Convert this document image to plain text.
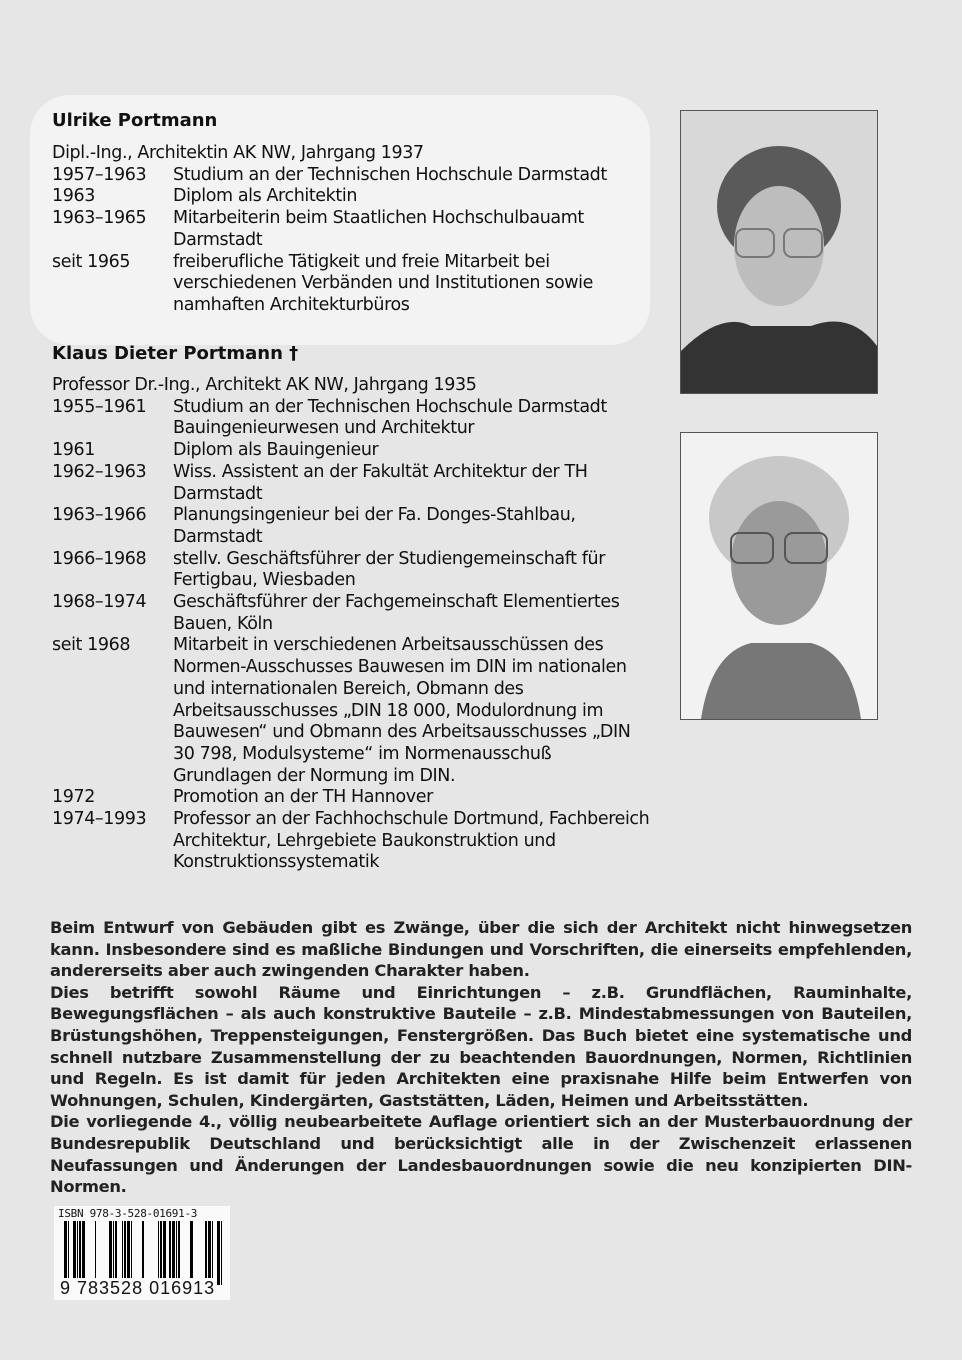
Ulrike Portmann
Dipl.-Ing., Architektin AK NW, Jahrgang 1937
1957–1963	Studium an der Technischen Hochschule Darmstadt
1963	Diplom als Architektin
1963–1965	Mitarbeiterin beim Staatlichen Hochschulbauamt Darmstadt
seit 1965	freiberufliche Tätigkeit und freie Mitarbeit bei verschiedenen Verbänden und Institutionen sowie namhaften Architekturbüros
Klaus Dieter Portmann †
Professor Dr.-Ing., Architekt AK NW, Jahrgang 1935
1955–1961	Studium an der Technischen Hochschule Darmstadt Bauingenieurwesen und Architektur
1961	Diplom als Bauingenieur
1962–1963	Wiss. Assistent an der Fakultät Architektur der TH Darmstadt
1963–1966	Planungsingenieur bei der Fa. Donges-Stahlbau, Darmstadt
1966–1968	stellv. Geschäftsführer der Studiengemeinschaft für Fertigbau, Wiesbaden
1968–1974	Geschäftsführer der Fachgemeinschaft Elementiertes Bauen, Köln
seit 1968	Mitarbeit in verschiedenen Arbeitsausschüssen des Normen-Ausschusses Bauwesen im DIN im nationalen und internationalen Bereich, Obmann des Arbeitsausschusses „DIN 18 000, Modulordnung im Bauwesen“ und Obmann des Arbeitsausschusses „DIN 30 798, Modulsysteme“ im Normenausschuß Grundlagen der Normung im DIN.
1972	Promotion an der TH Hannover
1974–1993	Professor an der Fachhochschule Dortmund, Fachbereich Architektur, Lehrgebiete Baukonstruktion und Konstruktionssystematik

Beim Entwurf von Gebäuden gibt es Zwänge, über die sich der Architekt nicht hinwegsetzen kann. Insbesondere sind es maßliche Bindungen und Vorschriften, die einerseits empfehlenden, andererseits aber auch zwingenden Charakter haben.

Dies betrifft sowohl Räume und Einrichtungen – z.B. Grundflächen, Rauminhalte, Bewegungsflächen – als auch konstruktive Bauteile – z.B. Mindestabmessungen von Bauteilen, Brüstungshöhen, Treppensteigungen, Fenstergrößen. Das Buch bietet eine systematische und schnell nutzbare Zusammenstellung der zu beachtenden Bauordnungen, Normen, Richtlinien und Regeln. Es ist damit für jeden Architekten eine praxisnahe Hilfe beim Entwerfen von Wohnungen, Schulen, Kindergärten, Gaststätten, Läden, Heimen und Arbeitsstätten.

Die vorliegende 4., völlig neubearbeitete Auflage orientiert sich an der Musterbauordnung der Bundesrepublik Deutschland und berücksichtigt alle in der Zwischenzeit erlassenen Neufassungen und Änderungen der Landesbauordnungen sowie die neu konzipierten DIN-Normen.

ISBN 978-3-528-01691-3
9 783528 016913
